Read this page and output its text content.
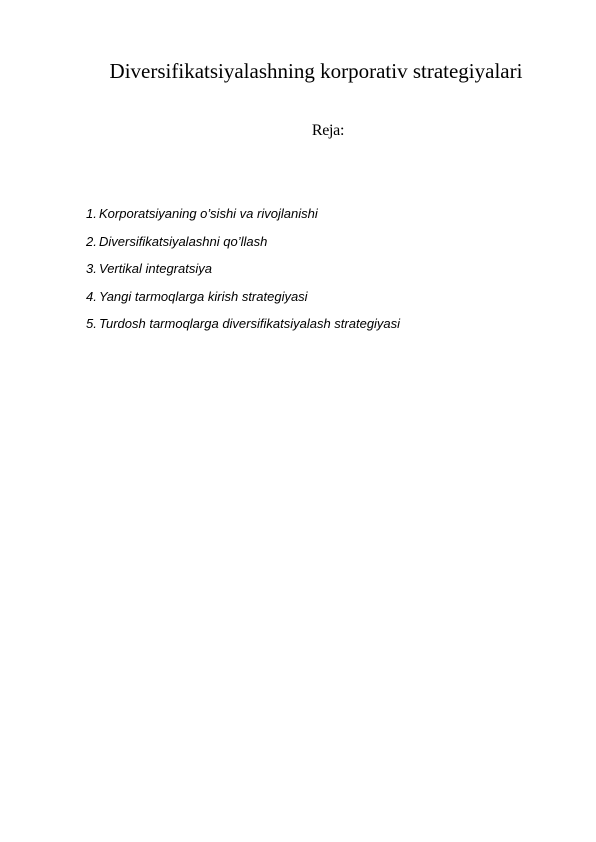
Diversifikatsiyalashning korporativ strategiyalari
Reja:
1. Korporatsiyaning o’sishi va rivojlanishi
2. Diversifikatsiyalashni qo’llash
3. Vertikal integratsiya
4. Yangi tarmoqlarga kirish strategiyasi
5. Turdosh tarmoqlarga diversifikatsiyalash strategiyasi
